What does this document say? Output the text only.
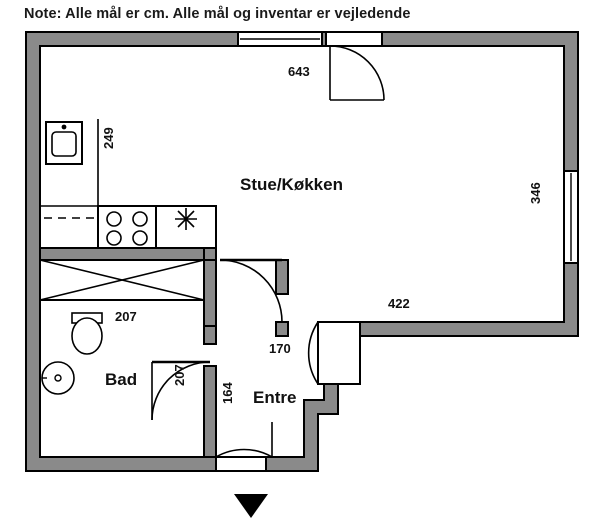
Note: Alle mål er cm. Alle mål og inventar er vejledende
Stue/Køkken
Bad
Entre
643
249
346
422
207
207
170
164
